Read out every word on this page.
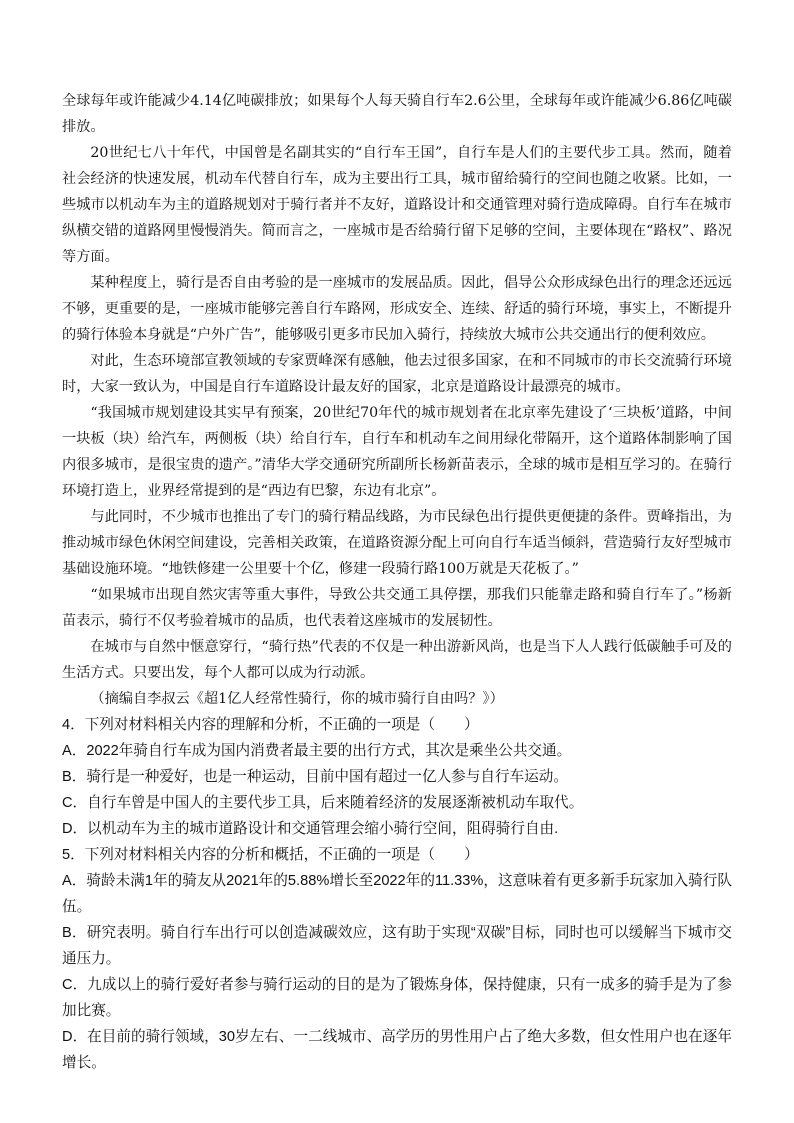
全球每年或许能减少4.14亿吨碳排放；如果每个人每天骑自行车2.6公里，全球每年或许能减少6.86亿吨碳排放。

20世纪七八十年代，中国曾是名副其实的“自行车王国”，自行车是人们的主要代步工具。然而，随着社会经济的快速发展，机动车代替自行车，成为主要出行工具，城市留给骑行的空间也随之收紧。比如，一些城市以机动车为主的道路规划对于骑行者并不友好，道路设计和交通管理对骑行造成障碍。自行车在城市纵横交错的道路网里慢慢消失。简而言之，一座城市是否给骑行留下足够的空间，主要体现在“路权”、路况等方面。

某种程度上，骑行是否自由考验的是一座城市的发展品质。因此，倡导公众形成绿色出行的理念还远远不够，更重要的是，一座城市能够完善自行车路网，形成安全、连续、舒适的骑行环境，事实上，不断提升的骑行体验本身就是“户外广告”，能够吸引更多市民加入骑行，持续放大城市公共交通出行的便利效应。

对此，生态环境部宣教领域的专家贾峰深有感触，他去过很多国家，在和不同城市的市长交流骑行环境时，大家一致认为，中国是自行车道路设计最友好的国家，北京是道路设计最漂亮的城市。

“我国城市规划建设其实早有预案，20世纪70年代的城市规划者在北京率先建设了‘三块板’道路，中间一块板（块）给汽车，两侧板（块）给自行车，自行车和机动车之间用绿化带隔开，这个道路体制影响了国内很多城市，是很宝贵的遗产。”清华大学交通研究所副所长杨新苗表示，全球的城市是相互学习的。在骑行环境打造上，业界经常提到的是“西边有巴黎，东边有北京”。

与此同时，不少城市也推出了专门的骑行精品线路，为市民绿色出行提供更便捷的条件。贾峰指出，为推动城市绿色休闲空间建设，完善相关政策，在道路资源分配上可向自行车适当倾斜，营造骑行友好型城市基础设施环境。“地铁修建一公里要十个亿，修建一段骑行路100万就是天花板了。”

“如果城市出现自然灾害等重大事件，导致公共交通工具停摆，那我们只能靠走路和骑自行车了。”杨新苗表示，骑行不仅考验着城市的品质，也代表着这座城市的发展韧性。

在城市与自然中惬意穿行，“骑行热”代表的不仅是一种出游新风尚，也是当下人人践行低碳触手可及的生活方式。只要出发，每个人都可以成为行动派。

（摘编自李叔云《超1亿人经常性骑行，你的城市骑行自由吗？》）

4．下列对材料相关内容的理解和分析，不正确的一项是（　　）

A．2022年骑自行车成为国内消费者最主要的出行方式，其次是乘坐公共交通。

B．骑行是一种爱好，也是一种运动，目前中国有超过一亿人参与自行车运动。

C．自行车曾是中国人的主要代步工具，后来随着经济的发展逐渐被机动车取代。

D．以机动车为主的城市道路设计和交通管理会缩小骑行空间，阻碍骑行自由.

5．下列对材料相关内容的分析和概括，不正确的一项是（　　）

A．骑龄未满1年的骑友从2021年的5.88%增长至2022年的11.33%，这意味着有更多新手玩家加入骑行队伍。

B．研究表明。骑自行车出行可以创造减碳效应，这有助于实现“双碳”目标，同时也可以缓解当下城市交通压力。

C．九成以上的骑行爱好者参与骑行运动的目的是为了锻炼身体，保持健康，只有一成多的骑手是为了参加比赛。

D．在目前的骑行领域，30岁左右、一二线城市、高学历的男性用户占了绝大多数，但女性用户也在逐年增长。
